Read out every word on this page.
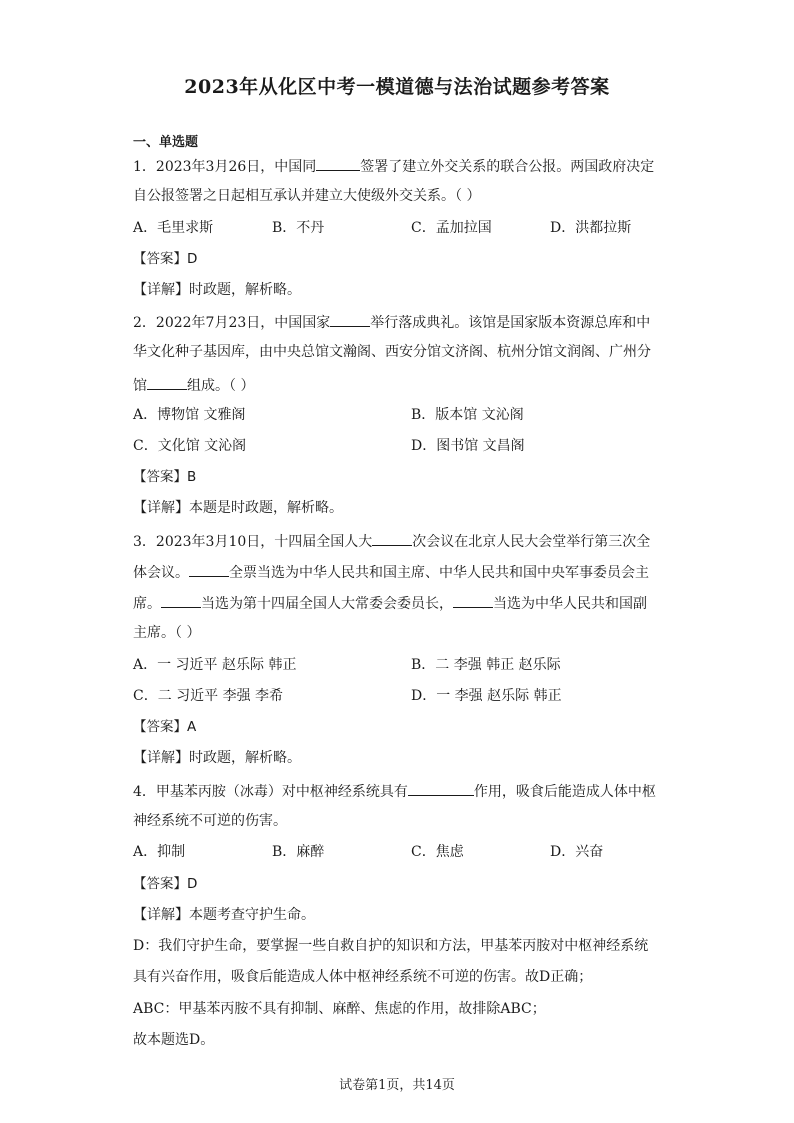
2023年从化区中考一模道德与法治试题参考答案
一、单选题
1．2023年3月26日，中国同	签署了建立外交关系的联合公报。两国政府决定
自公报签署之日起相互承认并建立大使级外交关系。（ ）
A．毛里求斯	B．不丹	C．孟加拉国	D．洪都拉斯
【答案】D
【详解】时政题，解析略。
2．2022年7月23日，中国国家	举行落成典礼。该馆是国家版本资源总库和中
华文化种子基因库，由中央总馆文瀚阁、西安分馆文济阁、杭州分馆文润阁、广州分
馆	组成。（ ）
A．博物馆 文雅阁	B．版本馆 文沁阁
C．文化馆 文沁阁	D．图书馆 文昌阁
【答案】B
【详解】本题是时政题，解析略。
3．2023年3月10日，十四届全国人大	次会议在北京人民大会堂举行第三次全
体会议。	全票当选为中华人民共和国主席、中华人民共和国中央军事委员会主
席。	当选为第十四届全国人大常委会委员长，	当选为中华人民共和国副
主席。（ ）
A．一 习近平 赵乐际 韩正	B．二 李强 韩正 赵乐际
C．二 习近平 李强 李希	D．一 李强 赵乐际 韩正
【答案】A
【详解】时政题，解析略。
4．甲基苯丙胺（冰毒）对中枢神经系统具有	作用，吸食后能造成人体中枢
神经系统不可逆的伤害。
A．抑制	B．麻醉	C．焦虑	D．兴奋
【答案】D
【详解】本题考查守护生命。
D：我们守护生命，要掌握一些自救自护的知识和方法，甲基苯丙胺对中枢神经系统
具有兴奋作用，吸食后能造成人体中枢神经系统不可逆的伤害。故D正确；
ABC：甲基苯丙胺不具有抑制、麻醉、焦虑的作用，故排除ABC；
故本题选D。
试卷第1页，共14页
